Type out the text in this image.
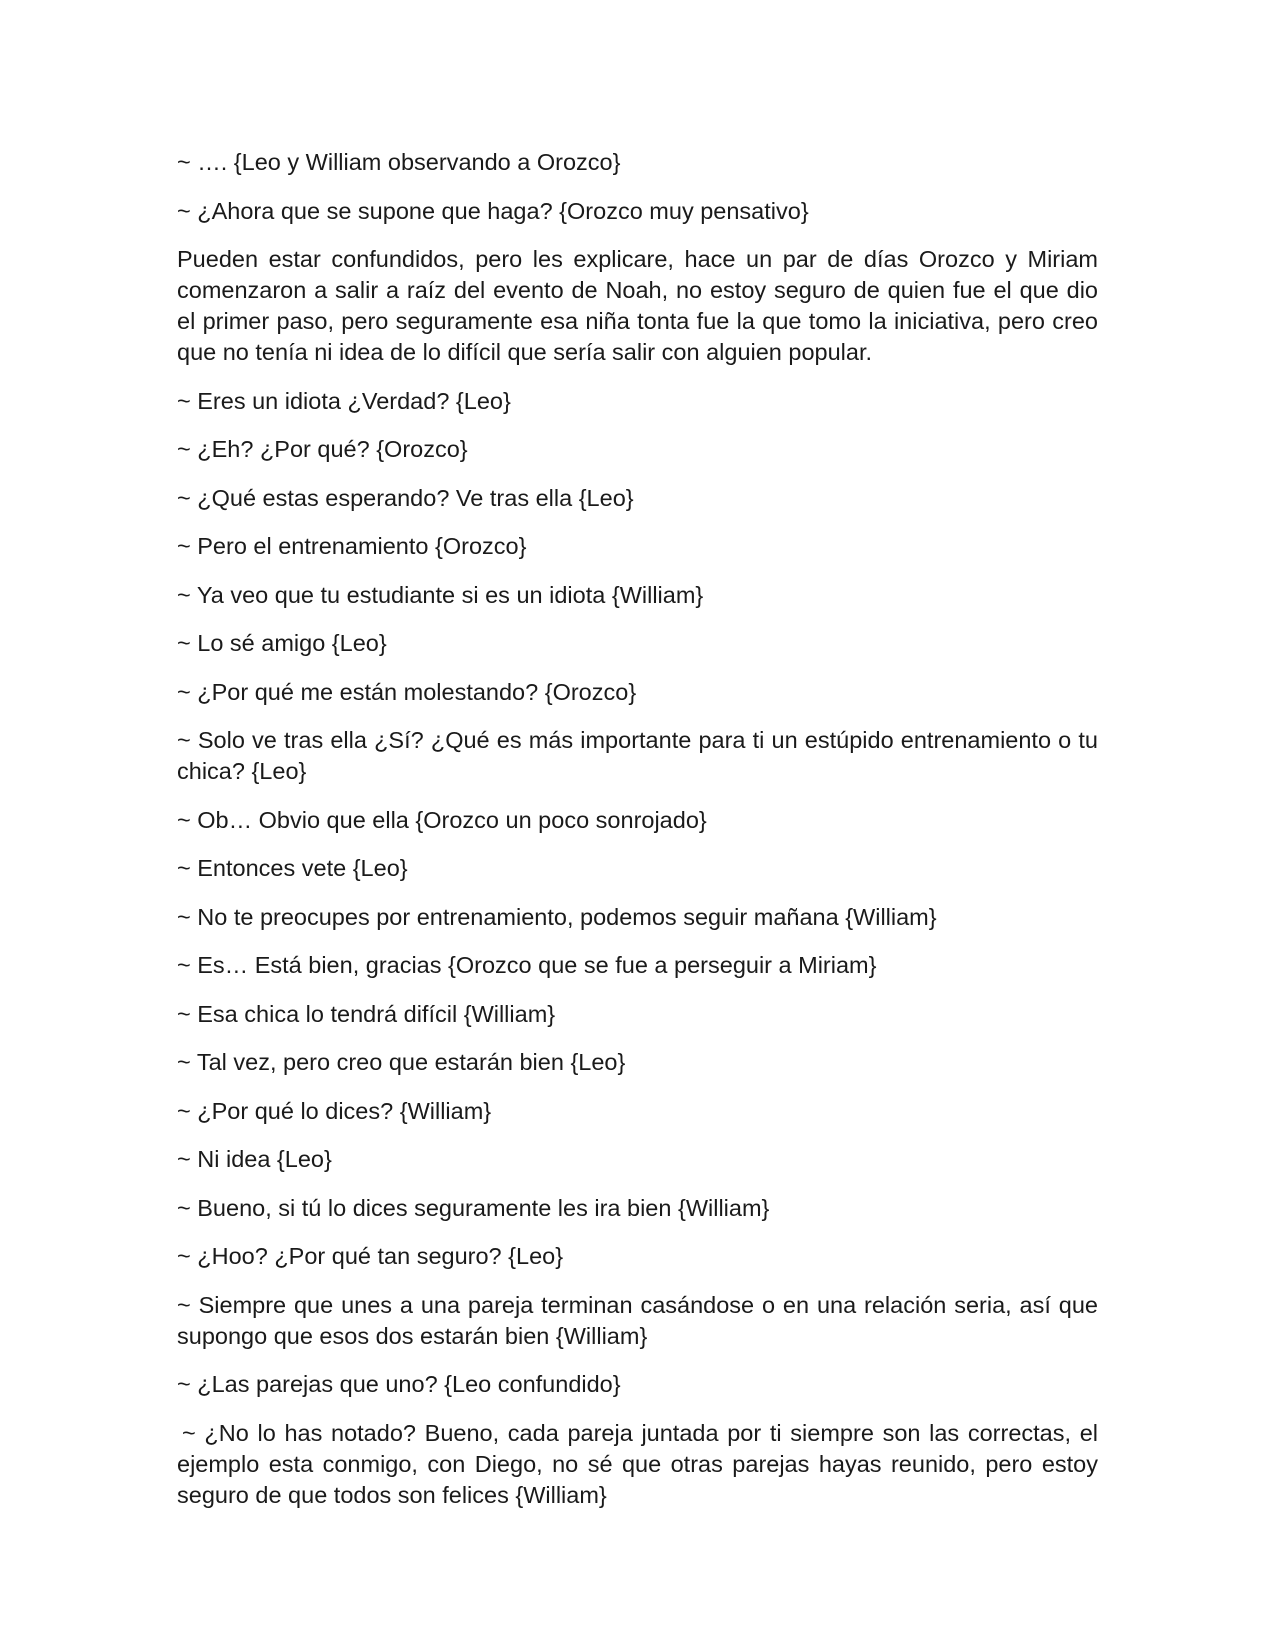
~ …. {Leo y William observando a Orozco}

~ ¿Ahora que se supone que haga? {Orozco muy pensativo}

Pueden estar confundidos, pero les explicare, hace un par de días Orozco y Miriam comenzaron a salir a raíz del evento de Noah, no estoy seguro de quien fue el que dio el primer paso, pero seguramente esa niña tonta fue la que tomo la iniciativa, pero creo que no tenía ni idea de lo difícil que sería salir con alguien popular.

~ Eres un idiota ¿Verdad? {Leo}

~ ¿Eh? ¿Por qué? {Orozco}

~ ¿Qué estas esperando? Ve tras ella {Leo}

~ Pero el entrenamiento {Orozco}

~ Ya veo que tu estudiante si es un idiota {William}

~ Lo sé amigo {Leo}

~ ¿Por qué me están molestando? {Orozco}

~ Solo ve tras ella ¿Sí? ¿Qué es más importante para ti un estúpido entrenamiento o tu chica? {Leo}

~ Ob… Obvio que ella {Orozco un poco sonrojado}

~ Entonces vete {Leo}

~ No te preocupes por entrenamiento, podemos seguir mañana {William}

~ Es… Está bien, gracias {Orozco que se fue a perseguir a Miriam}

~ Esa chica lo tendrá difícil {William}

~ Tal vez, pero creo que estarán bien {Leo}

~ ¿Por qué lo dices? {William}

~ Ni idea {Leo}

~ Bueno, si tú lo dices seguramente les ira bien {William}

~ ¿Hoo? ¿Por qué tan seguro? {Leo}

~ Siempre que unes a una pareja terminan casándose o en una relación seria, así que supongo que esos dos estarán bien {William}

~ ¿Las parejas que uno? {Leo confundido}

~ ¿No lo has notado? Bueno, cada pareja juntada por ti siempre son las correctas, el ejemplo esta conmigo, con Diego, no sé que otras parejas hayas reunido, pero estoy seguro de que todos son felices {William}
